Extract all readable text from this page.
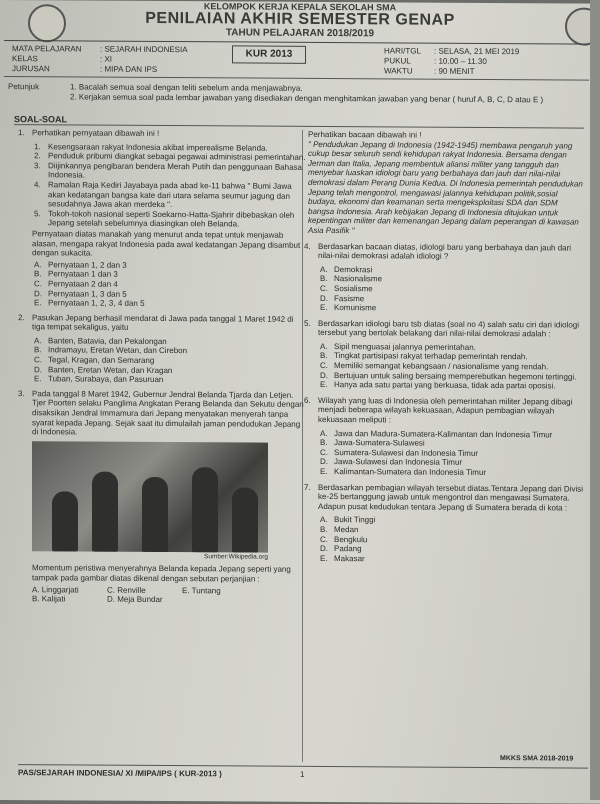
KELOMPOK KERJA KEPALA SEKOLAH SMA
PENILAIAN AKHIR SEMESTER GENAP
TAHUN PELAJARAN 2018/2019
MATA PELAJARAN : SEJARAH INDONESIA
KELAS	: XI
JURUSAN	: MIPA DAN IPS
KUR 2013	HARI/TGL : SELASA, 21 MEI 2019
PUKUL	: 10.00 – 11.30
WAKTU	: 90 MENIT
Petunjuk	1. Bacalah semua soal dengan teliti sebelum anda menjawabnya.
2. Kerjakan semua soal pada lembar jawaban yang disediakan dengan menghitamkan jawaban yang benar ( huruf A, B, C, D atau E )
SOAL-SOAL
1. Perhatikan pernyataan dibawah ini !
1. Kesengsaraan rakyat Indonesia akibat imperealisme Belanda.
2. Penduduk pribumi diangkat sebagai pegawai administrasi pemerintahan.
3. Diijinkannya pengibaran bendera Merah Putih dan penggunaan Bahasa Indonesia.
4. Ramalan Raja Kediri Jayabaya pada abad ke-11 bahwa " Bumi Jawa akan kedatangan bangsa kate dari utara selama seumur jagung dan sesudahnya Jawa akan merdeka ".
5. Tokoh-tokoh nasional seperti Soekarno-Hatta-Sjahrir dibebaskan oleh Jepang setelah sebelumnya diasingkan oleh Belanda.
Pernyataan diatas manakah yang menurut anda tepat untuk menjawab alasan, mengapa rakyat Indonesia pada awal kedatangan Jepang disambut dengan sukacita.
A. Pernyataan 1, 2 dan 3
B. Pernyataan 1 dan 3
C. Pernyataan 2 dan 4
D. Pernyataan 1, 3 dan 5
E. Pernyataan 1, 2, 3, 4 dan 5
2. Pasukan Jepang berhasil mendarat di Jawa pada tanggal 1 Maret 1942 di tiga tempat sekaligus, yaitu
A. Banten, Batavia, dan Pekalongan
B. Indramayu, Eretan Wetan, dan Cirebon
C. Tegal, Kragan, dan Semarang
D. Banten, Eretan Wetan, dan Kragan
E. Tuban, Surabaya, dan Pasuruan
3. Pada tanggal 8 Maret 1942, Gubernur Jendral Belanda Tjarda dan Letjen. Tjer Poorten selaku Panglima Angkatan Perang Belanda dan Sekutu dengan disaksikan Jendral Immamura dari Jepang menyatakan menyerah tanpa syarat kepada Jepang. Sejak saat itu dimulailah jaman pendudukan Jepang di Indonesia.
Sumber:Wikipedia.org
Momentum peristiwa menyerahnya Belanda kepada Jepang seperti yang tampak pada gambar diatas dikenal dengan sebutan perjanjian :
A. Linggarjati	C. Renville	E. Tuntang
B. Kalijati	D. Meja Bundar
Perhatikan bacaan dibawah ini !
" Pendudukan Jepang di Indonesia (1942-1945) membawa pengaruh yang cukup besar seluruh sendi kehidupan rakyat Indonesia. Bersama dengan Jerman dan Italia, Jepang membentuk aliansi militer yang tangguh dan menyebar luaskan idiologi baru yang berbahaya dan jauh dari nilai-nilai demokrasi dalam Perang Dunia Kedua. Di Indonesia pemerintah pendudukan Jepang telah mengontrol, mengawasi jalannya kehidupan politik,sosial budaya, ekonomi dan keamanan serta mengeksploitasi SDA dan SDM bangsa Indonesia. Arah kebijakan Jepang di Indonesia ditujukan untuk kepentingan militer dan kemenangan Jepang dalam peperangan di kawasan Asia Pasifik "
4. Berdasarkan bacaan diatas, idiologi baru yang berbahaya dan jauh dari nilai-nilai demokrasi adalah idiologi ?
A. Demokrasi
B. Nasionalisme
C. Sosialisme
D. Fasisme
E. Komunisme
5. Berdasarkan idiologi baru tsb diatas (soal no 4) salah satu ciri dari idiologi tersebut yang bertolak belakang dari nilai-nilai demokrasi adalah :
A. Sipil menguasai jalannya pemerintahan.
B. Tingkat partisipasi rakyat terhadap pemerintah rendah.
C. Memiliki semangat kebangsaan / nasionalisme yang rendah.
D. Bertujuan untuk saling bersaing memperebutkan hegemoni tertinggi.
E. Hanya ada satu partai yang berkuasa, tidak ada partai oposisi.
6. Wilayah yang luas di Indonesia oleh pemerintahan militer Jepang dibagi menjadi beberapa wilayah kekuasaan, Adapun pembagian wilayah kekuasaan meliputi :
A. Jawa dan Madura-Sumatera-Kalimantan dan Indonesia Timur
B. Jawa-Sumatera-Sulawesi
C. Sumatera-Sulawesi dan Indonesia Timur
D. Jawa-Sulawesi dan Indonesia Timur
E. Kalimantan-Sumatera dan Indonesia Timur
7. Berdasarkan pembagian wilayah tersebut diatas.Tentara Jepang dari Divisi ke-25 bertanggung jawab untuk mengontrol dan mengawasi Sumatera. Adapun pusat kedudukan tentara Jepang di Sumatera berada di kota :
A. Bukit Tinggi
B. Medan
C. Bengkulu
D. Padang
E. Makasar
MKKS SMA 2018-2019
PAS/SEJARAH INDONESIA/ XI /MIPA/IPS ( KUR-2013 )	1
